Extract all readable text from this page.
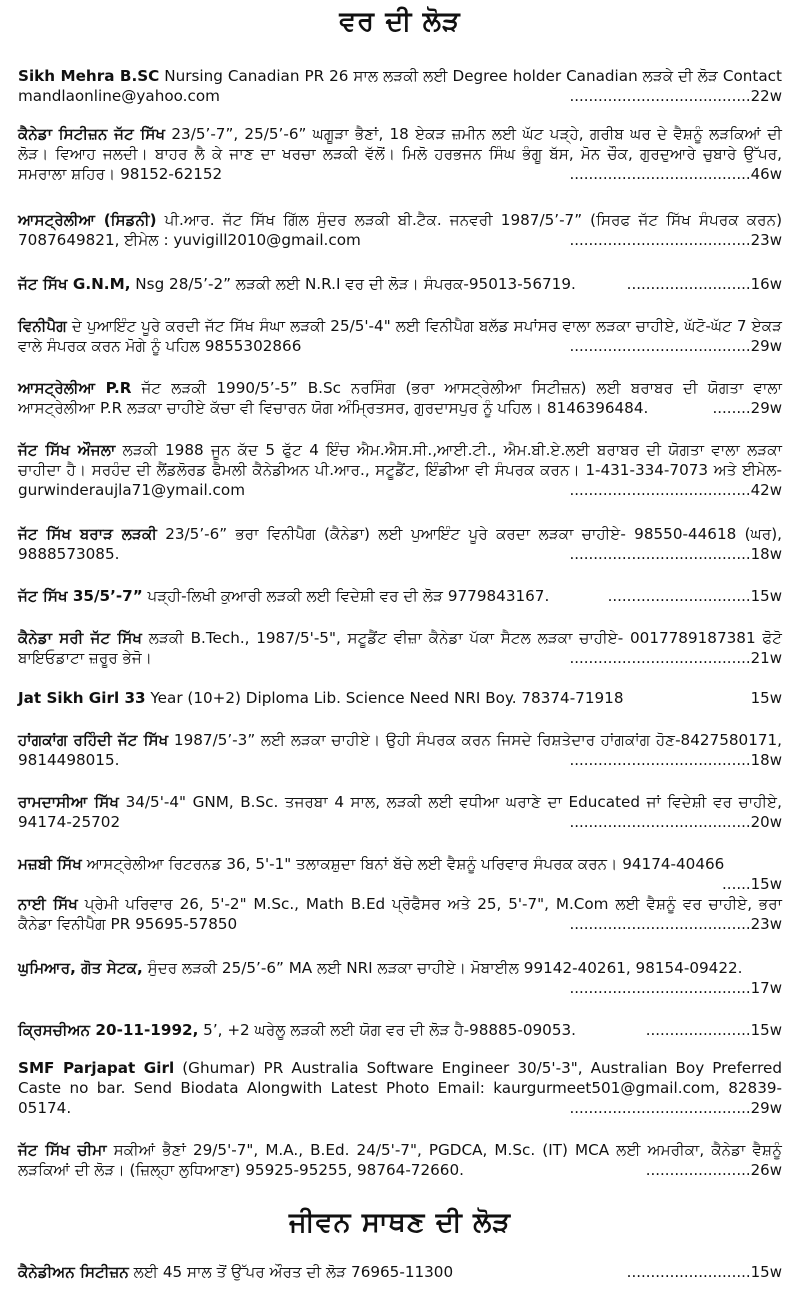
ਵਰ ਦੀ ਲੋੜ
Sikh Mehra B.SC Nursing Canadian PR 26 ਸਾਲ ਲੜਕੀ ਲਈ Degree holder Canadian ਲੜਕੇ ਦੀ ਲੋੜ Contact mandlaonline@yahoo.com	......................................22w
ਕੈਨੇਡਾ ਸਿਟੀਜ਼ਨ ਜੱਟ ਸਿੱਖ 23/5’-7”, 25/5’-6” ਘਗੂੜਾ ਭੈਣਾਂ, 18 ਏਕੜ ਜ਼ਮੀਨ ਲਈ ਘੱਟ ਪੜ੍ਹੇ, ਗਰੀਬ ਘਰ ਦੇ ਵੈਸ਼ਨੂੰ ਲੜਕਿਆਂ ਦੀ ਲੋੜ। ਵਿਆਹ ਜਲਦੀ। ਬਾਹਰ ਲੈ ਕੇ ਜਾਣ ਦਾ ਖਰਚਾ ਲੜਕੀ ਵੱਲੋਂ। ਮਿਲੋ ਹਰਭਜਨ ਸਿੰਘ ਭੰਗੂ ਬੱਸ, ਮੋਨ ਚੌਕ, ਗੁਰਦੁਆਰੇ ਚੁਬਾਰੇ ਉੱਪਰ, ਸਮਰਾਲਾ ਸ਼ਹਿਰ। 98152-62152	......................................46w
ਆਸਟ੍ਰੇਲੀਆ (ਸਿਡਨੀ) ਪੀ.ਆਰ. ਜੱਟ ਸਿੱਖ ਗਿੱਲ ਸੁੰਦਰ ਲੜਕੀ ਬੀ.ਟੈਕ. ਜਨਵਰੀ 1987/5’-7” (ਸਿਰਫ ਜੱਟ ਸਿੱਖ ਸੰਪਰਕ ਕਰਨ) 7087649821, ਈਮੇਲ : yuvigill2010@gmail.com	......................................23w
ਜੱਟ ਸਿੱਖ G.N.M, Nsg 28/5’-2” ਲੜਕੀ ਲਈ N.R.I ਵਰ ਦੀ ਲੋੜ। ਸੰਪਰਕ-95013-56719.	..........................16w
ਵਿਨੀਪੈਗ ਦੇ ਪੁਆਇੰਟ ਪੂਰੇ ਕਰਦੀ ਜੱਟ ਸਿੱਖ ਸੰਘਾ ਲੜਕੀ 25/5'-4" ਲਈ ਵਿਨੀਪੈਗ ਬਲੱਡ ਸਪਾਂਸਰ ਵਾਲਾ ਲੜਕਾ ਚਾਹੀਏ, ਘੱਟੋ-ਘੱਟ 7 ਏਕੜ ਵਾਲੇ ਸੰਪਰਕ ਕਰਨ ਮੋਗੇ ਨੂੰ ਪਹਿਲ 9855302866	......................................29w
ਆਸਟ੍ਰੇਲੀਆ P.R ਜੱਟ ਲੜਕੀ 1990/5’-5” B.Sc ਨਰਸਿੰਗ (ਭਰਾ ਆਸਟ੍ਰੇਲੀਆ ਸਿਟੀਜ਼ਨ) ਲਈ ਬਰਾਬਰ ਦੀ ਯੋਗਤਾ ਵਾਲਾ ਆਸਟ੍ਰੇਲੀਆ P.R ਲੜਕਾ ਚਾਹੀਏ ਕੱਚਾ ਵੀ ਵਿਚਾਰਨ ਯੋਗ ਅੰਮ੍ਰਿਤਸਰ, ਗੁਰਦਾਸਪੁਰ ਨੂੰ ਪਹਿਲ। 8146396484.	........29w
ਜੱਟ ਸਿੱਖ ਔਜਲਾ ਲੜਕੀ 1988 ਜੂਨ ਕੱਦ 5 ਫੁੱਟ 4 ਇੰਚ ਐਮ.ਐਸ.ਸੀ.,ਆਈ.ਟੀ., ਐਮ.ਬੀ.ਏ.ਲਈ ਬਰਾਬਰ ਦੀ ਯੋਗਤਾ ਵਾਲਾ ਲੜਕਾ ਚਾਹੀਦਾ ਹੈ। ਸਰਹੰਦ ਦੀ ਲੈਂਡਲੋਰਡ ਫੈਮਲੀ ਕੈਨੇਡੀਅਨ ਪੀ.ਆਰ., ਸਟੂਡੈਂਟ, ਇੰਡੀਆ ਵੀ ਸੰਪਰਕ ਕਰਨ। 1-431-334-7073 ਅਤੇ ਈਮੇਲ- gurwinderaujla71@ymail.com	......................................42w
ਜੱਟ ਸਿੱਖ ਬਰਾੜ ਲੜਕੀ 23/5’-6” ਭਰਾ ਵਿਨੀਪੈਗ (ਕੈਨੇਡਾ) ਲਈ ਪੁਆਇੰਟ ਪੂਰੇ ਕਰਦਾ ਲੜਕਾ ਚਾਹੀਏ- 98550-44618 (ਘਰ), 9888573085.	......................................18w
ਜੱਟ ਸਿੱਖ 35/5’-7” ਪੜ੍ਹੀ-ਲਿਖੀ ਕੁਆਰੀ ਲੜਕੀ ਲਈ ਵਿਦੇਸ਼ੀ ਵਰ ਦੀ ਲੋੜ 9779843167.	..............................15w
ਕੈਨੇਡਾ ਸਰੀ ਜੱਟ ਸਿੱਖ ਲੜਕੀ B.Tech., 1987/5'-5", ਸਟੂਡੈਂਟ ਵੀਜ਼ਾ ਕੈਨੇਡਾ ਪੱਕਾ ਸੈਟਲ ਲੜਕਾ ਚਾਹੀਏ- 0017789187381 ਫੋਟੋ ਬਾਇਓਡਾਟਾ ਜ਼ਰੂਰ ਭੇਜੋ।	......................................21w
Jat Sikh Girl 33 Year (10+2) Diploma Lib. Science Need NRI Boy. 78374-71918	15w
ਹਾਂਗਕਾਂਗ ਰਹਿੰਦੀ ਜੱਟ ਸਿੱਖ 1987/5’-3” ਲਈ ਲੜਕਾ ਚਾਹੀਏ। ਉਹੀ ਸੰਪਰਕ ਕਰਨ ਜਿਸਦੇ ਰਿਸ਼ਤੇਦਾਰ ਹਾਂਗਕਾਂਗ ਹੋਣ-8427580171, 9814498015.	......................................18w
ਰਾਮਦਾਸੀਆ ਸਿੱਖ 34/5'-4" GNM, B.Sc. ਤਜਰਬਾ 4 ਸਾਲ, ਲੜਕੀ ਲਈ ਵਧੀਆ ਘਰਾਣੇ ਦਾ Educated ਜਾਂ ਵਿਦੇਸ਼ੀ ਵਰ ਚਾਹੀਏ, 94174-25702	......................................20w
ਮਜ਼ਬੀ ਸਿੱਖ ਆਸਟ੍ਰੇਲੀਆ ਰਿਟਰਨਡ 36, 5'-1" ਤਲਾਕਸ਼ੁਦਾ ਬਿਨਾਂ ਬੱਚੇ ਲਈ ਵੈਸ਼ਨੂੰ ਪਰਿਵਾਰ ਸੰਪਰਕ ਕਰਨ। 94174-40466
......15w
ਨਾਈ ਸਿੱਖ ਪ੍ਰੇਮੀ ਪਰਿਵਾਰ 26, 5'-2" M.Sc., Math B.Ed ਪ੍ਰੋਫੈਸਰ ਅਤੇ 25, 5'-7", M.Com ਲਈ ਵੈਸ਼ਨੂੰ ਵਰ ਚਾਹੀਏ, ਭਰਾ ਕੈਨੇਡਾ ਵਿਨੀਪੈਗ PR 95695-57850	......................................23w
ਘੁਮਿਆਰ, ਗੋਤ ਸੇਟਕ, ਸੁੰਦਰ ਲੜਕੀ 25/5’-6” MA ਲਈ NRI ਲੜਕਾ ਚਾਹੀਏ। ਮੋਬਾਈਲ 99142-40261, 98154-09422.
......................................17w
ਕ੍ਰਿਸਚੀਅਨ 20-11-1992, 5’, +2 ਘਰੇਲੂ ਲੜਕੀ ਲਈ ਯੋਗ ਵਰ ਦੀ ਲੋੜ ਹੈ-98885-09053.	......................15w
SMF Parjapat Girl (Ghumar) PR Australia Software Engineer 30/5'-3", Australian Boy Preferred Caste no bar. Send Biodata Alongwith Latest Photo Email: kaurgurmeet501@gmail.com, 82839-05174.	......................................29w
ਜੱਟ ਸਿੱਖ ਚੀਮਾ ਸਕੀਆਂ ਭੈਣਾਂ 29/5'-7", M.A., B.Ed. 24/5'-7", PGDCA, M.Sc. (IT) MCA ਲਈ ਅਮਰੀਕਾ, ਕੈਨੇਡਾ ਵੈਸ਼ਨੂੰ ਲੜਕਿਆਂ ਦੀ ਲੋੜ। (ਜ਼ਿਲ੍ਹਾ ਲੁਧਿਆਣਾ) 95925-95255, 98764-72660.	......................26w
ਜੀਵਨ ਸਾਥਣ ਦੀ ਲੋੜ
ਕੈਨੇਡੀਅਨ ਸਿਟੀਜ਼ਨ ਲਈ 45 ਸਾਲ ਤੋਂ ਉੱਪਰ ਔਰਤ ਦੀ ਲੋੜ 76965-11300	..........................15w
